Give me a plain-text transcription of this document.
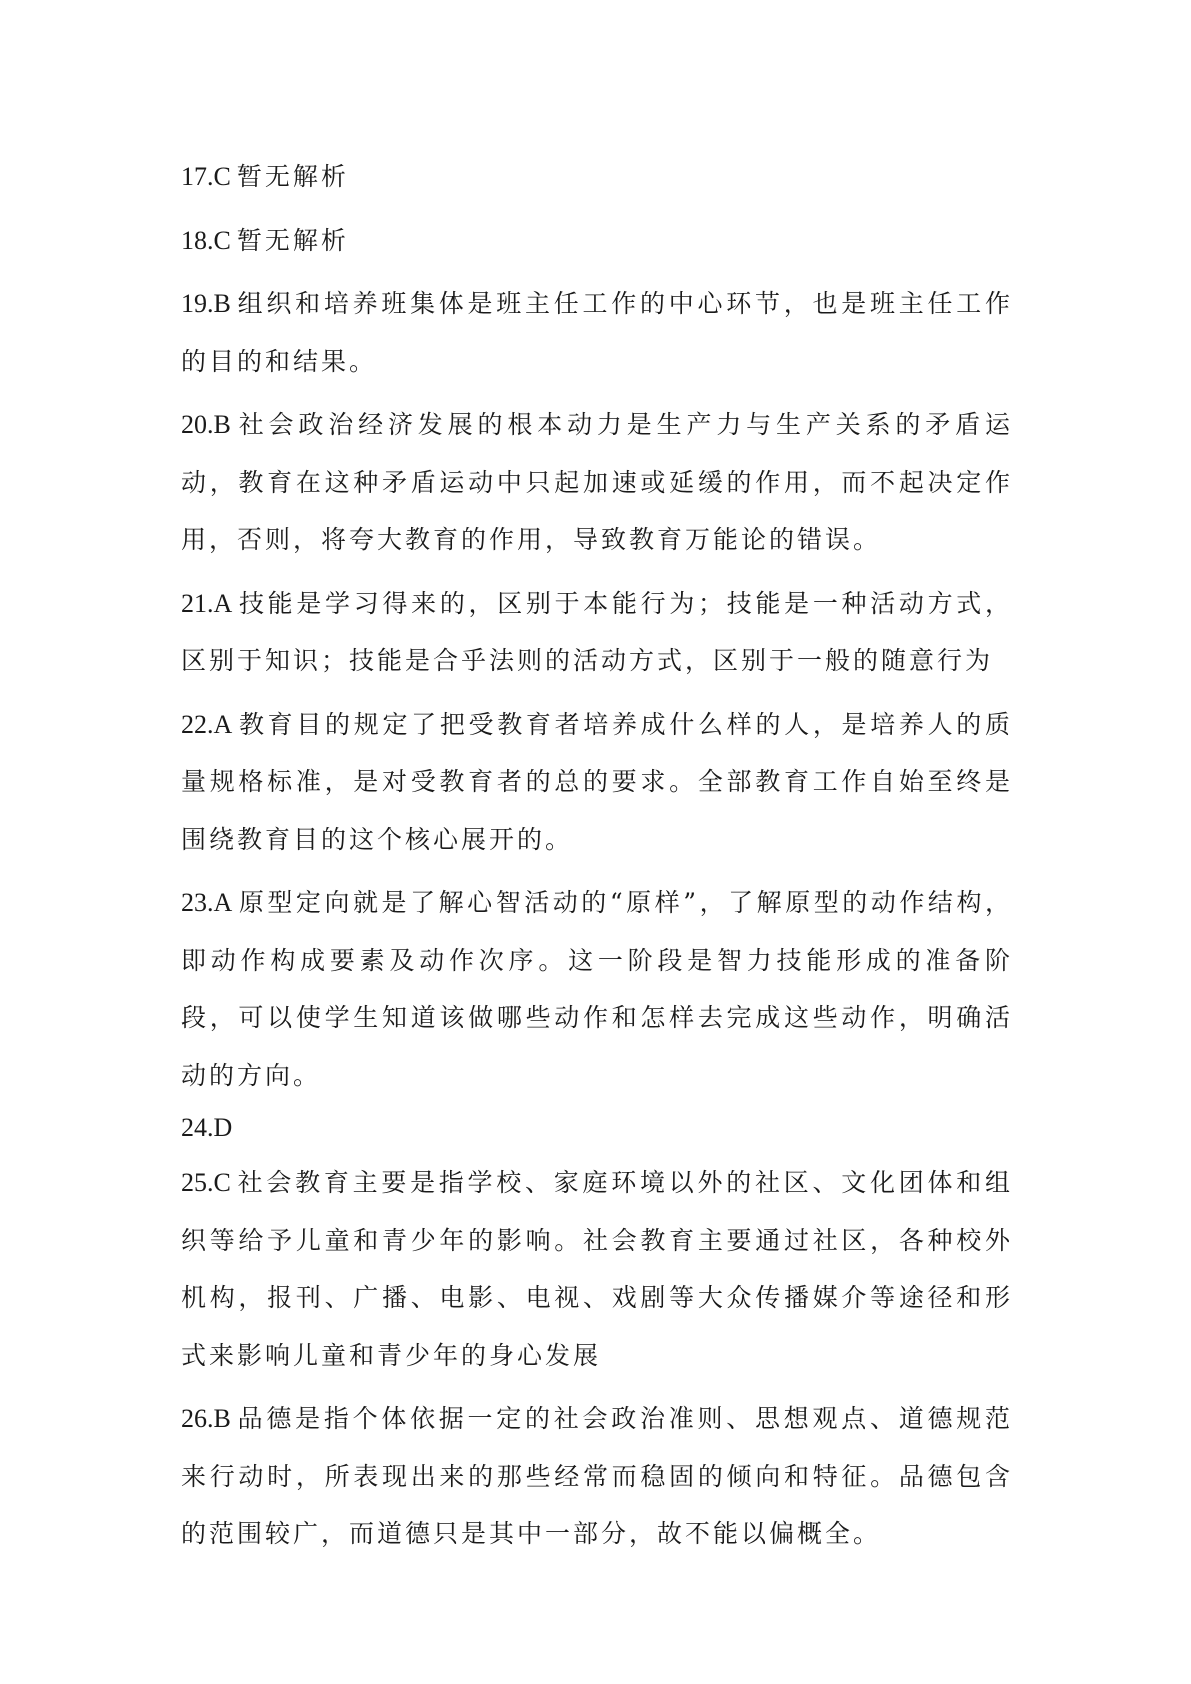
17.C 暂无解析

18.C 暂无解析

19.B 组织和培养班集体是班主任工作的中心环节，也是班主任工作的目的和结果。

20.B 社会政治经济发展的根本动力是生产力与生产关系的矛盾运动，教育在这种矛盾运动中只起加速或延缓的作用，而不起决定作用，否则，将夸大教育的作用，导致教育万能论的错误。

21.A 技能是学习得来的，区别于本能行为；技能是一种活动方式，区别于知识；技能是合乎法则的活动方式，区别于一般的随意行为

22.A 教育目的规定了把受教育者培养成什么样的人，是培养人的质量规格标准，是对受教育者的总的要求。全部教育工作自始至终是围绕教育目的这个核心展开的。

23.A 原型定向就是了解心智活动的“原样”，了解原型的动作结构，即动作构成要素及动作次序。这一阶段是智力技能形成的准备阶段，可以使学生知道该做哪些动作和怎样去完成这些动作，明确活动的方向。

24.D

25.C 社会教育主要是指学校、家庭环境以外的社区、文化团体和组织等给予儿童和青少年的影响。社会教育主要通过社区，各种校外机构，报刊、广播、电影、电视、戏剧等大众传播媒介等途径和形式来影响儿童和青少年的身心发展

26.B 品德是指个体依据一定的社会政治准则、思想观点、道德规范来行动时，所表现出来的那些经常而稳固的倾向和特征。品德包含的范围较广，而道德只是其中一部分，故不能以偏概全。
